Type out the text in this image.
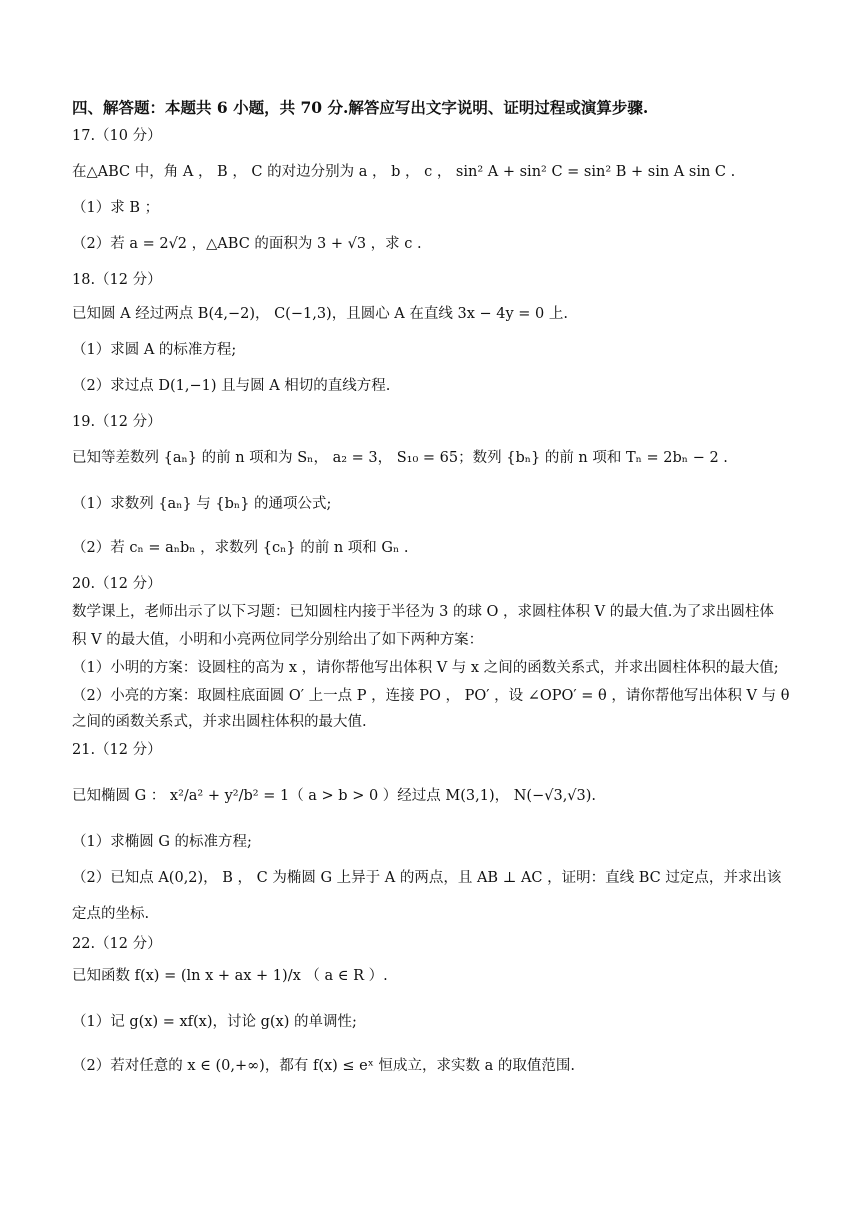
四、解答题：本题共 6 小题，共 70 分.解答应写出文字说明、证明过程或演算步骤.
17.（10 分）
在△ABC 中，角 A ， B ， C 的对边分别为 a ， b ， c ， sin² A + sin² C = sin² B + sin A sin C .
（1）求 B ；
（2）若 a = 2√2 ，△ABC 的面积为 3 + √3 ，求 c .
18.（12 分）
已知圆 A 经过两点 B(4,−2)， C(−1,3)，且圆心 A 在直线 3x − 4y = 0 上.
（1）求圆 A 的标准方程;
（2）求过点 D(1,−1) 且与圆 A 相切的直线方程.
19.（12 分）
已知等差数列 {aₙ} 的前 n 项和为 Sₙ， a₂ = 3， S₁₀ = 65；数列 {bₙ} 的前 n 项和 Tₙ = 2bₙ − 2 .
（1）求数列 {aₙ} 与 {bₙ} 的通项公式;
（2）若 cₙ = aₙbₙ ，求数列 {cₙ} 的前 n 项和 Gₙ .
20.（12 分）
数学课上，老师出示了以下习题：已知圆柱内接于半径为 3 的球 O ，求圆柱体积 V 的最大值.为了求出圆柱体
积 V 的最大值，小明和小亮两位同学分别给出了如下两种方案：
（1）小明的方案：设圆柱的高为 x ，请你帮他写出体积 V 与 x 之间的函数关系式，并求出圆柱体积的最大值;
（2）小亮的方案：取圆柱底面圆 O′ 上一点 P ，连接 PO ， PO′ ，设 ∠OPO′ = θ ，请你帮他写出体积 V 与 θ
之间的函数关系式，并求出圆柱体积的最大值.
21.（12 分）
已知椭圆 G ： x²/a² + y²/b² = 1（ a > b > 0 ）经过点 M(3,1)， N(−√3,√3).
（1）求椭圆 G 的标准方程;
（2）已知点 A(0,2)， B ， C 为椭圆 G 上异于 A 的两点，且 AB ⊥ AC ，证明：直线 BC 过定点，并求出该
定点的坐标.
22.（12 分）
已知函数 f(x) = (ln x + ax + 1)/x （ a ∈ R ）.
（1）记 g(x) = xf(x)，讨论 g(x) 的单调性;
（2）若对任意的 x ∈ (0,+∞)，都有 f(x) ≤ eˣ 恒成立，求实数 a 的取值范围.
